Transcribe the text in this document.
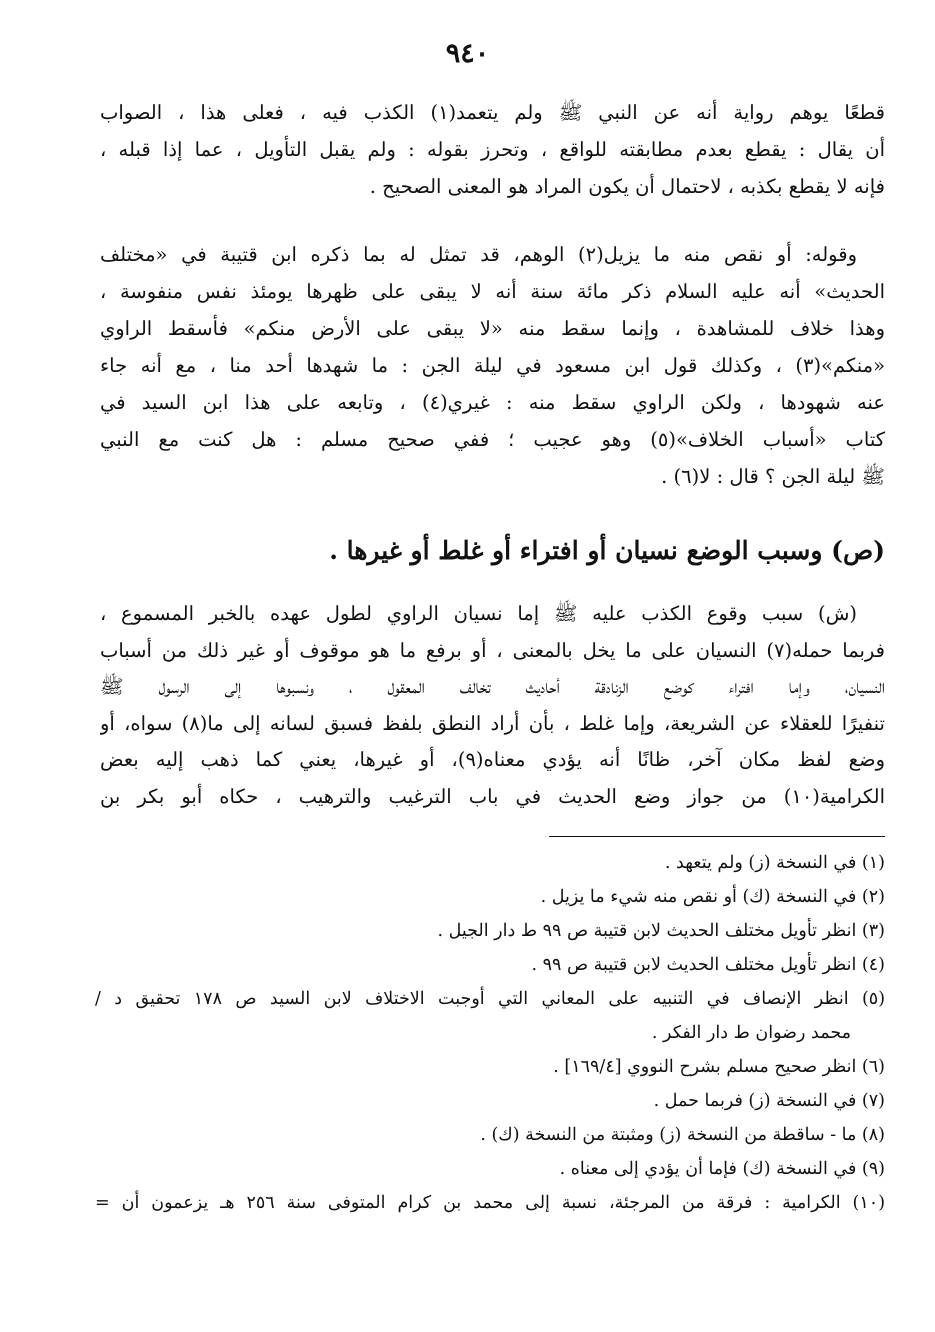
٩٤٠
قطعًا يوهم رواية أنه عن النبي ﷺ ولم يتعمد(١) الكذب فيه ، فعلى هذا ، الصواب
أن يقال : يقطع بعدم مطابقته للواقع ، وتحرز بقوله : ولم يقبل التأويل ، عما إذا قبله ،
فإنه لا يقطع بكذبه ، لاحتمال أن يكون المراد هو المعنى الصحيح .
وقوله: أو نقص منه ما يزيل(٢) الوهم، قد تمثل له بما ذكره ابن قتيبة في «مختلف
الحديث» أنه عليه السلام ذكر مائة سنة أنه لا يبقى على ظهرها يومئذ نفس منفوسة ،
وهذا خلاف للمشاهدة ، وإنما سقط منه «لا يبقى على الأرض منكم» فأسقط الراوي
«منكم»(٣) ، وكذلك قول ابن مسعود في ليلة الجن : ما شهدها أحد منا ، مع أنه جاء
عنه شهودها ، ولكن الراوي سقط منه : غيري(٤) ، وتابعه على هذا ابن السيد في
كتاب «أسباب الخلاف»(٥) وهو عجيب ؛ ففي صحيح مسلم : هل كنت مع النبي
ﷺ ليلة الجن ؟ قال : لا(٦) .
(ص) وسبب الوضع نسيان أو افتراء أو غلط أو غيرها .
(ش) سبب وقوع الكذب عليه ﷺ إما نسيان الراوي لطول عهده بالخبر المسموع ،
فربما حمله(٧) النسيان على ما يخل بالمعنى ، أو برفع ما هو موقوف أو غير ذلك من أسباب
النسيان، وإما افتراء كوضع الزنادقة أحاديث تخالف المعقول ، ونسبوها إلى الرسول ﷺ
تنفيرًا للعقلاء عن الشريعة، وإما غلط ، بأن أراد النطق بلفظ فسبق لسانه إلى ما(٨) سواه، أو
وضع لفظ مكان آخر، ظانًا أنه يؤدي معناه(٩)، أو غيرها، يعني كما ذهب إليه بعض
الكرامية(١٠) من جواز وضع الحديث في باب الترغيب والترهيب ، حكاه أبو بكر بن
(١) في النسخة (ز) ولم يتعهد .
(٢) في النسخة (ك) أو نقص منه شيء ما يزيل .
(٣) انظر تأويل مختلف الحديث لابن قتيبة ص ٩٩ ط دار الجيل .
(٤) انظر تأويل مختلف الحديث لابن قتيبة ص ٩٩ .
(٥) انظر الإنصاف في التنبيه على المعاني التي أوجبت الاختلاف لابن السيد ص ١٧٨ تحقيق د /
محمد رضوان ط دار الفكر .
(٦) انظر صحيح مسلم بشرح النووي [١٦٩/٤] .
(٧) في النسخة (ز) فربما حمل .
(٨) ما - ساقطة من النسخة (ز) ومثبتة من النسخة (ك) .
(٩) في النسخة (ك) فإما أن يؤدي إلى معناه .
(١٠) الكرامية : فرقة من المرجئة، نسبة إلى محمد بن كرام المتوفى سنة ٢٥٦ هـ يزعمون أن =
